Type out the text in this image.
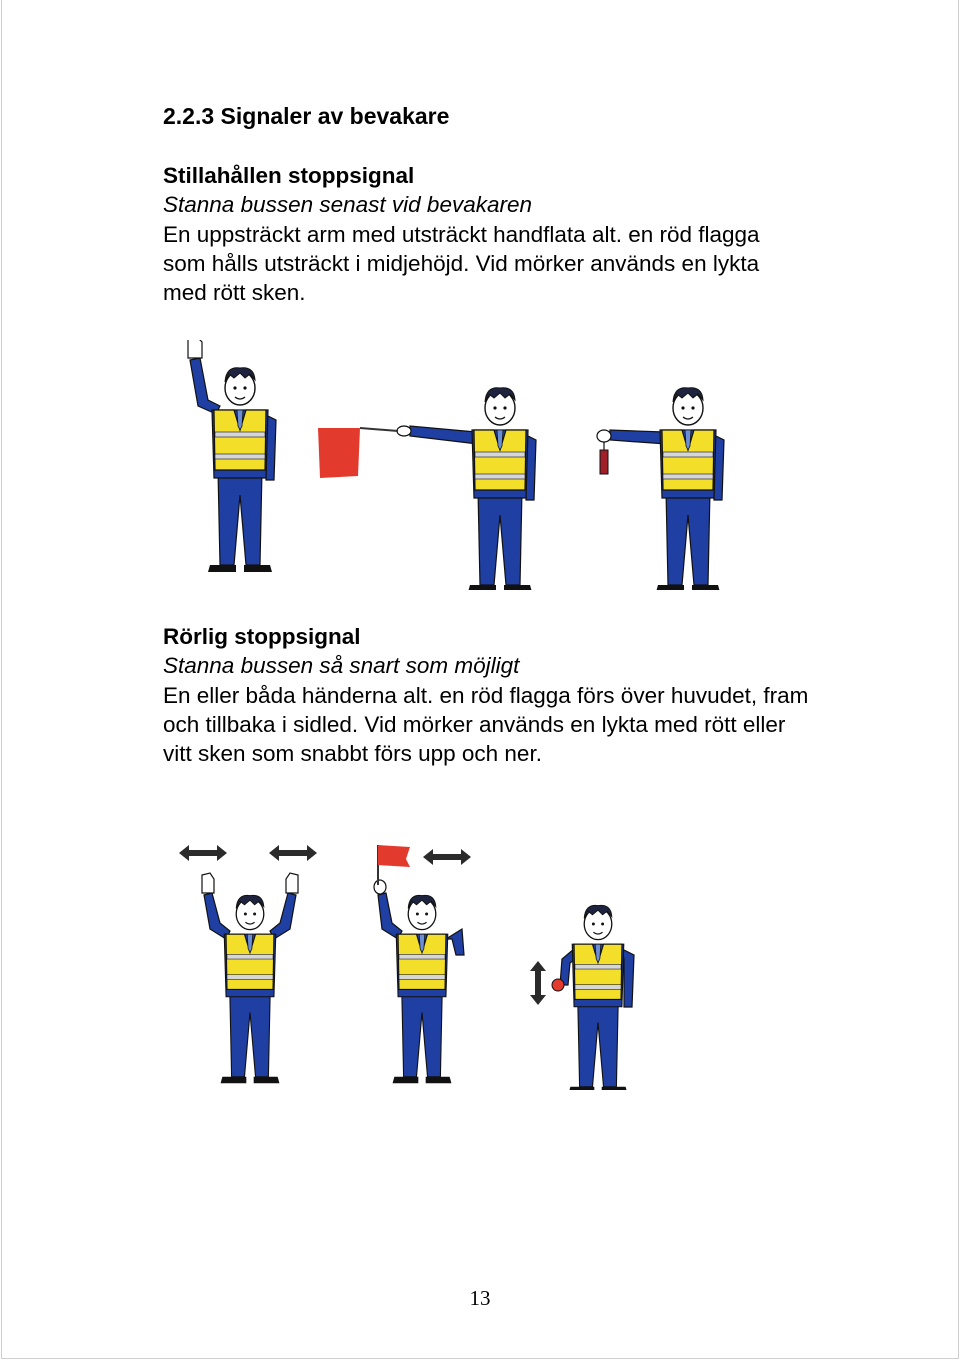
2.2.3 Signaler av bevakare
Stillahållen stoppsignal
Stanna bussen senast vid bevakaren
En uppsträckt arm med utsträckt handflata alt. en röd flagga som hålls utsträckt i midjehöjd. Vid mörker används en lykta med rött sken.
Rörlig stoppsignal
Stanna bussen så snart som möjligt
En eller båda händerna alt. en röd flagga förs över huvudet, fram och tillbaka i sidled. Vid mörker används en lykta med rött eller vitt sken som snabbt förs upp och ner.
13
